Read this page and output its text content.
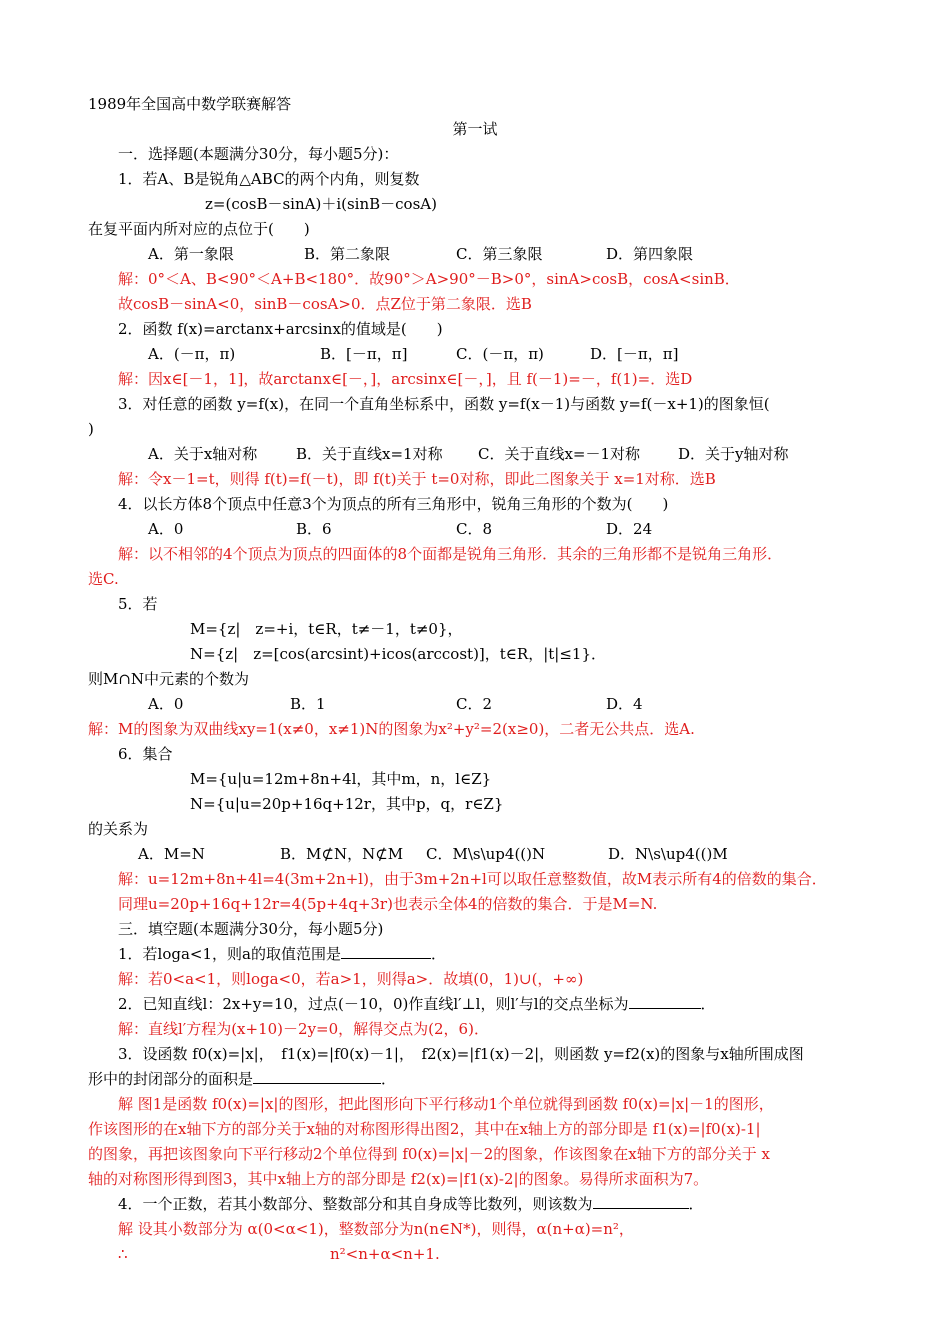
1989年全国高中数学联赛解答
第一试
一．选择题(本题满分30分，每小题5分)：
1．若A、B是锐角△ABC的两个内角，则复数
z=(cosB－sinA)＋i(sinB－cosA)
在复平面内所对应的点位于(　　)
A．第一象限	B．第二象限	C．第三象限	D．第四象限
解：0°＜A、B<90°＜A+B<180°．故90°＞A>90°－B>0°，sinA>cosB，cosA<sinB．
故cosB－sinA<0，sinB－cosA>0．点Z位于第二象限．选B
2．函数 f(x)=arctanx+arcsinx的值域是(　　)
A．(－π，π)	B．[－π，π]	C．(－π，π)	D．[－π，π]
解：因x∈[－1，1]，故arctanx∈[－，]，arcsinx∈[－，]，且 f(－1)=－，f(1)=．选D
3．对任意的函数 y=f(x)，在同一个直角坐标系中，函数 y=f(x－1)与函数 y=f(－x+1)的图象恒(
)
A．关于x轴对称	B．关于直线x=1对称 C．关于直线x=－1对称	D．关于y轴对称
解：令x－1=t，则得 f(t)=f(－t)，即 f(t)关于 t=0对称，即此二图象关于 x=1对称．选B
4．以长方体8个顶点中任意3个为顶点的所有三角形中，锐角三角形的个数为(　　)
A．0	B．6	C．8	D．24
解：以不相邻的4个顶点为顶点的四面体的8个面都是锐角三角形．其余的三角形都不是锐角三角形．
选C.
5．若
M={z|　z=+i，t∈R，t≠－1，t≠0}，
N={z|　z=[cos(arcsint)+icos(arccost)]，t∈R，|t|≤1}．
则M∩N中元素的个数为
A．0	B．1	C．2	D．4
解：M的图象为双曲线xy=1(x≠0，x≠1)N的图象为x²+y²=2(x≥0)，二者无公共点．选A.
6．集合
M={u|u=12m+8n+4l，其中m，n，l∈Z}
N={u|u=20p+16q+12r，其中p，q，r∈Z}
的关系为
A．M=N	B．M⊄N，N⊄M C．M\s\up4(()N	D．N\s\up4(()M
解：u=12m+8n+4l=4(3m+2n+l)，由于3m+2n+l可以取任意整数值，故M表示所有4的倍数的集合．
同理u=20p+16q+12r=4(5p+4q+3r)也表示全体4的倍数的集合．于是M=N.
三．填空题(本题满分30分，每小题5分)
1．若loga<1，则a的取值范围是	．
解：若0<a<1，则loga<0，若a>1，则得a>．故填(0，1)∪(，+∞)
2．已知直线l：2x+y=10，过点(－10，0)作直线l′⊥l，则l′与l的交点坐标为	．
解：直线l′方程为(x+10)－2y=0，解得交点为(2，6)．
3．设函数 f0(x)=|x|，　f1(x)=|f0(x)－1|，　f2(x)=|f1(x)－2|，则函数 y=f2(x)的图象与x轴所围成图
形中的封闭部分的面积是	．
解 图1是函数 f0(x)=|x|的图形，把此图形向下平行移动1个单位就得到函数 f0(x)=|x|－1的图形，
作该图形的在x轴下方的部分关于x轴的对称图形得出图2，其中在x轴上方的部分即是 f1(x)=|f0(x)-1|
的图象，再把该图象向下平行移动2个单位得到 f0(x)=|x|－2的图象，作该图象在x轴下方的部分关于 x
轴的对称图形得到图3，其中x轴上方的部分即是 f2(x)=|f1(x)-2|的图象。易得所求面积为7。
4．一个正数，若其小数部分、整数部分和其自身成等比数列，则该数为	．
解 设其小数部分为 α(0<α<1)，整数部分为n(n∈N*)，则得，α(n+α)=n²，
∴	n²<n+α<n+1.
